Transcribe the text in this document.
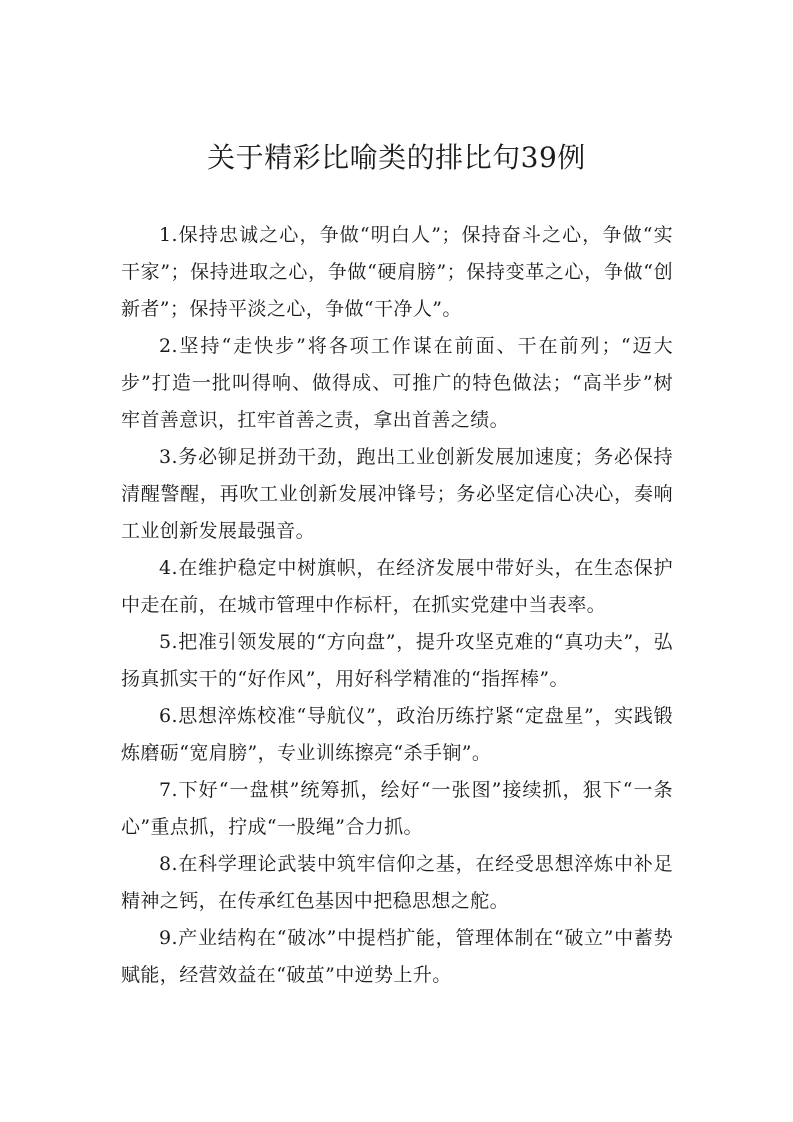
关于精彩比喻类的排比句39例

1.保持忠诚之心，争做“明白人”；保持奋斗之心，争做“实干家”；保持进取之心，争做“硬肩膀”；保持变革之心，争做“创新者”；保持平淡之心，争做“干净人”。

2.坚持“走快步”将各项工作谋在前面、干在前列；“迈大步”打造一批叫得响、做得成、可推广的特色做法；“高半步”树牢首善意识，扛牢首善之责，拿出首善之绩。

3.务必铆足拼劲干劲，跑出工业创新发展加速度；务必保持清醒警醒，再吹工业创新发展冲锋号；务必坚定信心决心，奏响工业创新发展最强音。

4.在维护稳定中树旗帜，在经济发展中带好头，在生态保护中走在前，在城市管理中作标杆，在抓实党建中当表率。

5.把准引领发展的“方向盘”，提升攻坚克难的“真功夫”，弘扬真抓实干的“好作风”，用好科学精准的“指挥棒”。

6.思想淬炼校准“导航仪”，政治历练拧紧“定盘星”，实践锻炼磨砺“宽肩膀”，专业训练擦亮“杀手锏”。

7.下好“一盘棋”统筹抓，绘好“一张图”接续抓，狠下“一条心”重点抓，拧成“一股绳”合力抓。

8.在科学理论武装中筑牢信仰之基，在经受思想淬炼中补足精神之钙，在传承红色基因中把稳思想之舵。

9.产业结构在“破冰”中提档扩能，管理体制在“破立”中蓄势赋能，经营效益在“破茧”中逆势上升。
